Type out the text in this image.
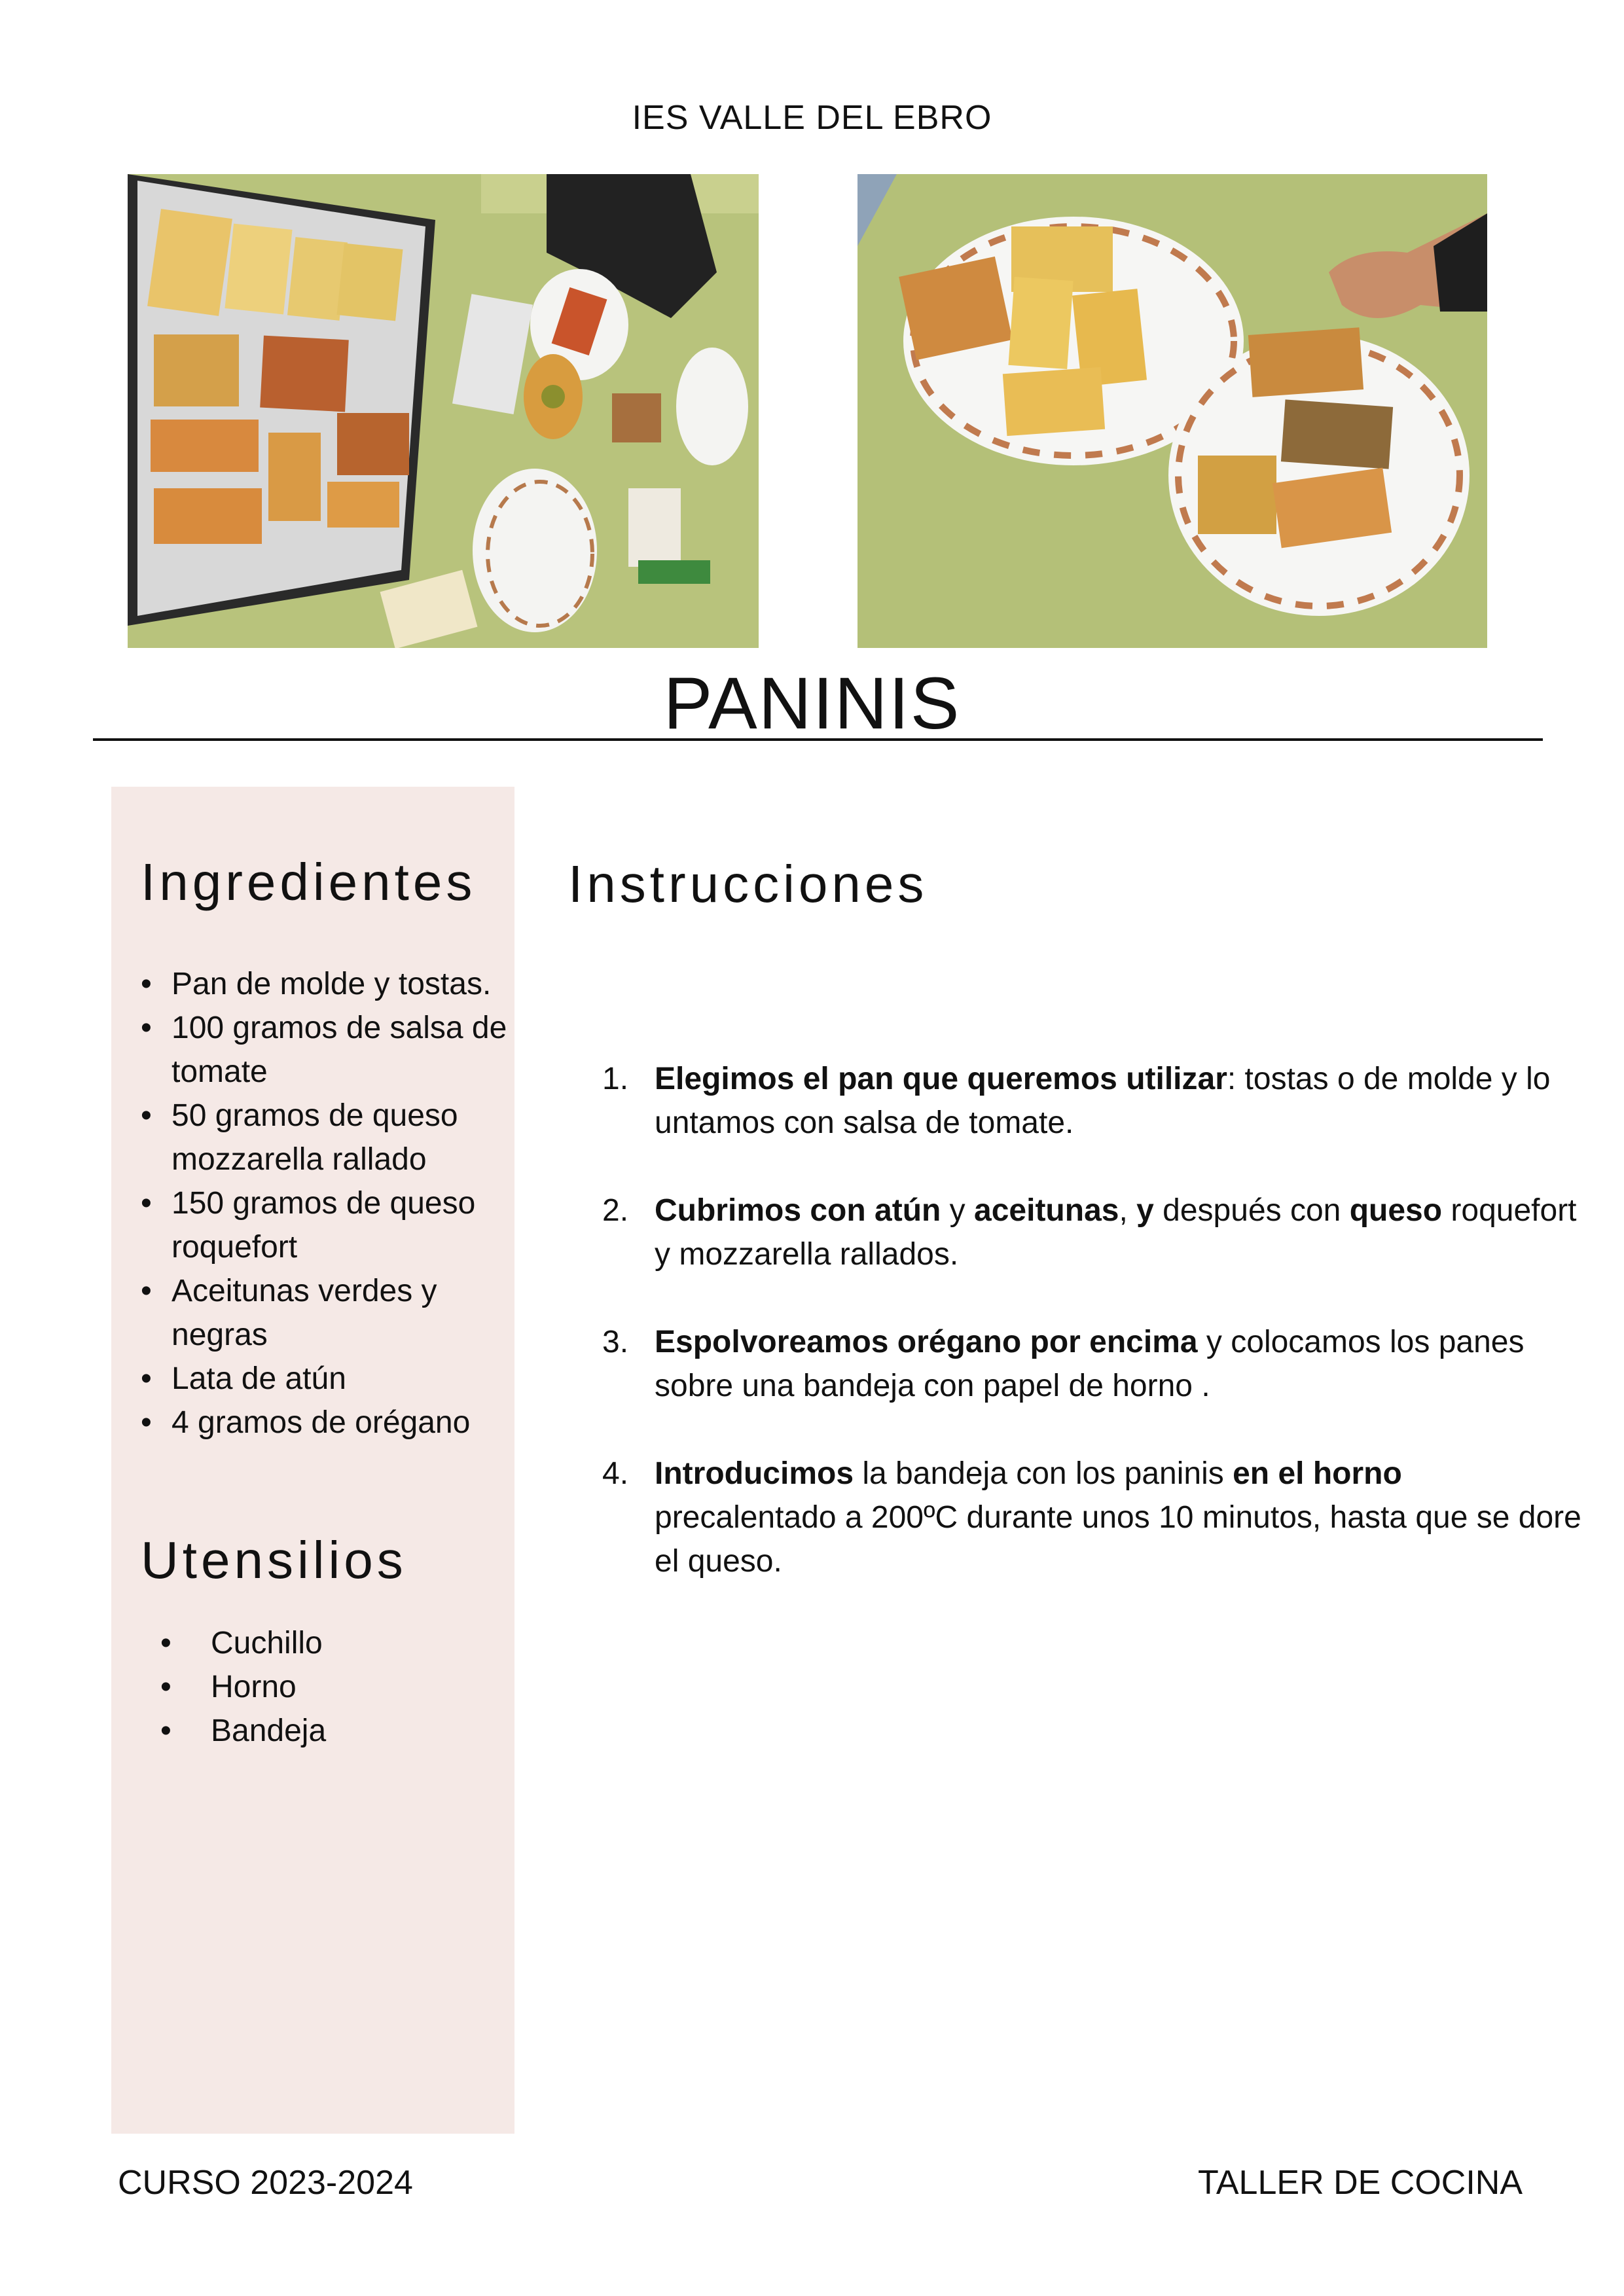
IES VALLE DEL EBRO
PANINIS
Ingredientes
• Pan de molde y tostas.
• 100 gramos de salsa de tomate
• 50 gramos de queso mozzarella rallado
• 150 gramos de queso roquefort
• Aceitunas verdes y negras
• Lata de atún
• 4 gramos de orégano
Utensilios
• Cuchillo
• Horno
• Bandeja
Instrucciones
1. Elegimos el pan que queremos utilizar: tostas o de molde y lo untamos con salsa de tomate.
2. Cubrimos con atún y aceitunas, y después con queso roquefort y mozzarella rallados.
3. Espolvoreamos orégano por encima y colocamos los panes sobre una bandeja con papel de horno .
4. Introducimos la bandeja con los paninis en el horno precalentado a 200ºC durante unos 10 minutos, hasta que se dore el queso.
CURSO 2023-2024	TALLER DE COCINA
